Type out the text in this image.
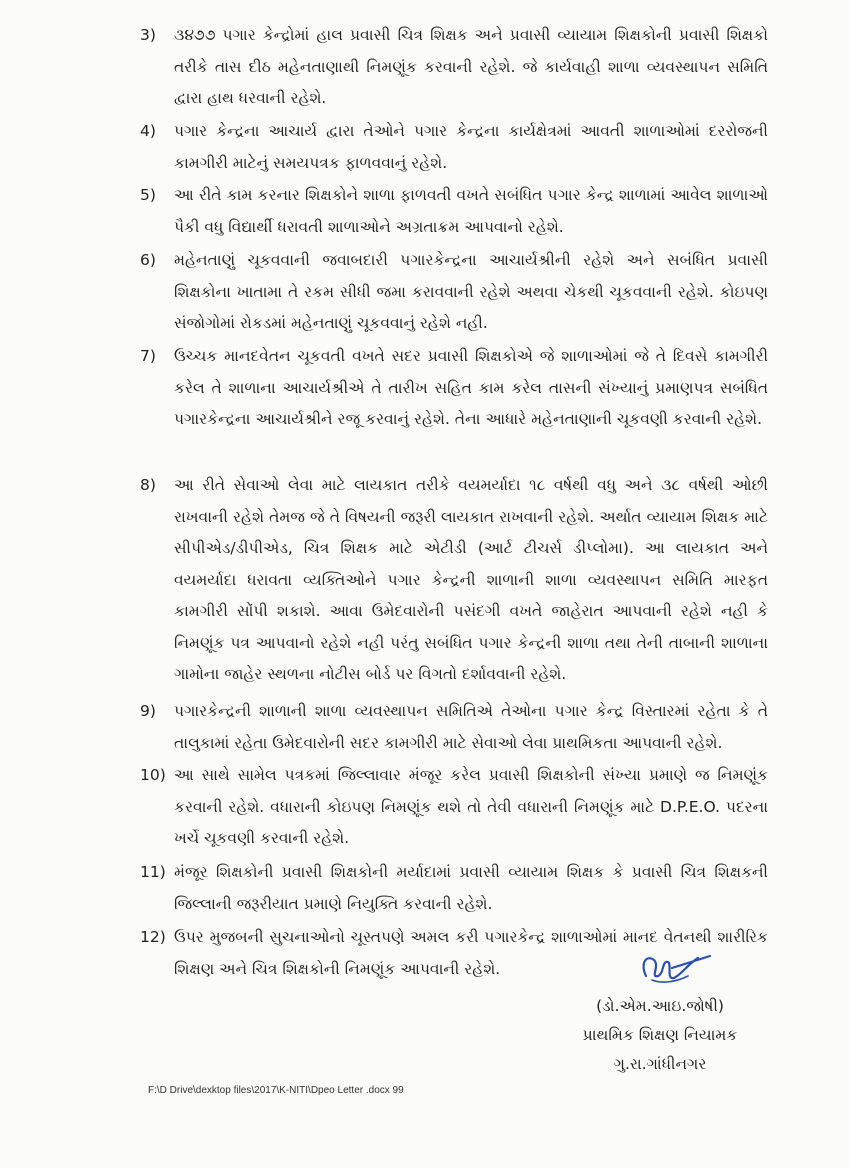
3)	૩૪૭૭ પગાર કેન્દ્રોમાં હાલ પ્રવાસી ચિત્ર શિક્ષક અને પ્રવાસી વ્યાયામ શિક્ષકોની પ્રવાસી શિક્ષકો તરીકે તાસ દીઠ મહેનતાણાથી નિમણૂંક કરવાની રહેશે. જે કાર્યવાહી શાળા વ્યવસ્થાપન સમિતિ દ્વારા હાથ ધરવાની રહેશે.
4)	પગાર કેન્દ્રના આચાર્ય દ્વારા તેઓને પગાર કેન્દ્રના કાર્યક્ષેત્રમાં આવતી શાળાઓમાં દરરોજની કામગીરી માટેનું સમયપત્રક ફાળવવાનું રહેશે.
5)	આ રીતે કામ કરનાર શિક્ષકોને શાળા ફાળવતી વખતે સબંધિત પગાર કેન્દ્ર શાળામાં આવેલ શાળાઓ પૈકી વધુ વિદ્યાર્થી ધરાવતી શાળાઓને અગ્રતાક્રમ આપવાનો રહેશે.
6)	મહેનતાણું ચૂકવવાની જવાબદારી પગારકેન્દ્રના આચાર્યશ્રીની રહેશે અને સબંધિત પ્રવાસી શિક્ષકોના ખાતામા તે રકમ સીધી જમા કરાવવાની રહેશે અથવા ચેકથી ચૂકવવાની રહેશે. કોઇપણ સંજોગોમાં રોકડમાં મહેનતાણું ચૂકવવાનું રહેશે નહી.
7)	ઉચ્ચક માનદવેતન ચૂકવતી વખતે સદર પ્રવાસી શિક્ષકોએ જે શાળાઓમાં જે તે દિવસે કામગીરી કરેલ તે શાળાના આચાર્યશ્રીએ તે તારીખ સહિત કામ કરેલ તાસની સંખ્યાનું પ્રમાણપત્ર સબંધિત પગારકેન્દ્રના આચાર્યશ્રીને રજૂ કરવાનું રહેશે. તેના આધારે મહેનતાણાની ચૂકવણી કરવાની રહેશે.
8)	આ રીતે સેવાઓ લેવા માટે લાયકાત તરીકે વયમર્યાદા ૧૮ વર્ષથી વધુ અને ૩૮ વર્ષથી ઓછી રાખવાની રહેશે તેમજ જે તે વિષયની જરૂરી લાયકાત રાખવાની રહેશે. અર્થાત વ્યાયામ શિક્ષક માટે સીપીએડ/ડીપીએડ, ચિત્ર શિક્ષક માટે એટીડી (આર્ટ ટીચર્સ ડીપ્લોમા). આ લાયકાત અને વયમર્યાદા ધરાવતા વ્યક્તિઓને પગાર કેન્દ્રની શાળાની શાળા વ્યવસ્થાપન સમિતિ મારફત કામગીરી સોંપી શકાશે. આવા ઉમેદવારોની પસંદગી વખતે જાહેરાત આપવાની રહેશે નહી કે નિમણૂંક પત્ર આપવાનો રહેશે નહી પરંતુ સબંધિત પગાર કેન્દ્રની શાળા તથા તેની તાબાની શાળાના ગામોના જાહેર સ્થળના નોટીસ બોર્ડ પર વિગતો દર્શાવવાની રહેશે.
9)	પગારકેન્દ્રની શાળાની શાળા વ્યવસ્થાપન સમિતિએ તેઓના પગાર કેન્દ્ર વિસ્તારમાં રહેતા કે તે તાલુકામાં રહેતા ઉમેદવારોની સદર કામગીરી માટે સેવાઓ લેવા પ્રાથમિકતા આપવાની રહેશે.
10) આ સાથે સામેલ પત્રકમાં જિલ્લાવાર મંજૂર કરેલ પ્રવાસી શિક્ષકોની સંખ્યા પ્રમાણે જ નિમણૂંક કરવાની રહેશે. વધારાની કોઇપણ નિમણૂંક થશે તો તેવી વધારાની નિમણૂંક માટે D.P.E.O. પદરના ખર્ચે ચૂકવણી કરવાની રહેશે.
11) મંજૂર શિક્ષકોની પ્રવાસી શિક્ષકોની મર્યાદામાં પ્રવાસી વ્યાયામ શિક્ષક કે પ્રવાસી ચિત્ર શિક્ષકની જિલ્લાની જરૂરીયાત પ્રમાણે નિયુક્તિ કરવાની રહેશે.
12) ઉપર મુજબની સુચનાઓનો ચૂસ્તપણે અમલ કરી પગારકેન્દ્ર શાળાઓમાં માનદ વેતનથી શારીરિક શિક્ષણ અને ચિત્ર શિક્ષકોની નિમણૂંક આપવાની રહેશે.
(ડો.એમ.આઇ.જોષી)
પ્રાથમિક શિક્ષણ નિયામક
ગુ.રા.ગાંધીનગર
F:\D Drive\dexktop files\2017\K-NITI\Dpeo Letter .docx 99
